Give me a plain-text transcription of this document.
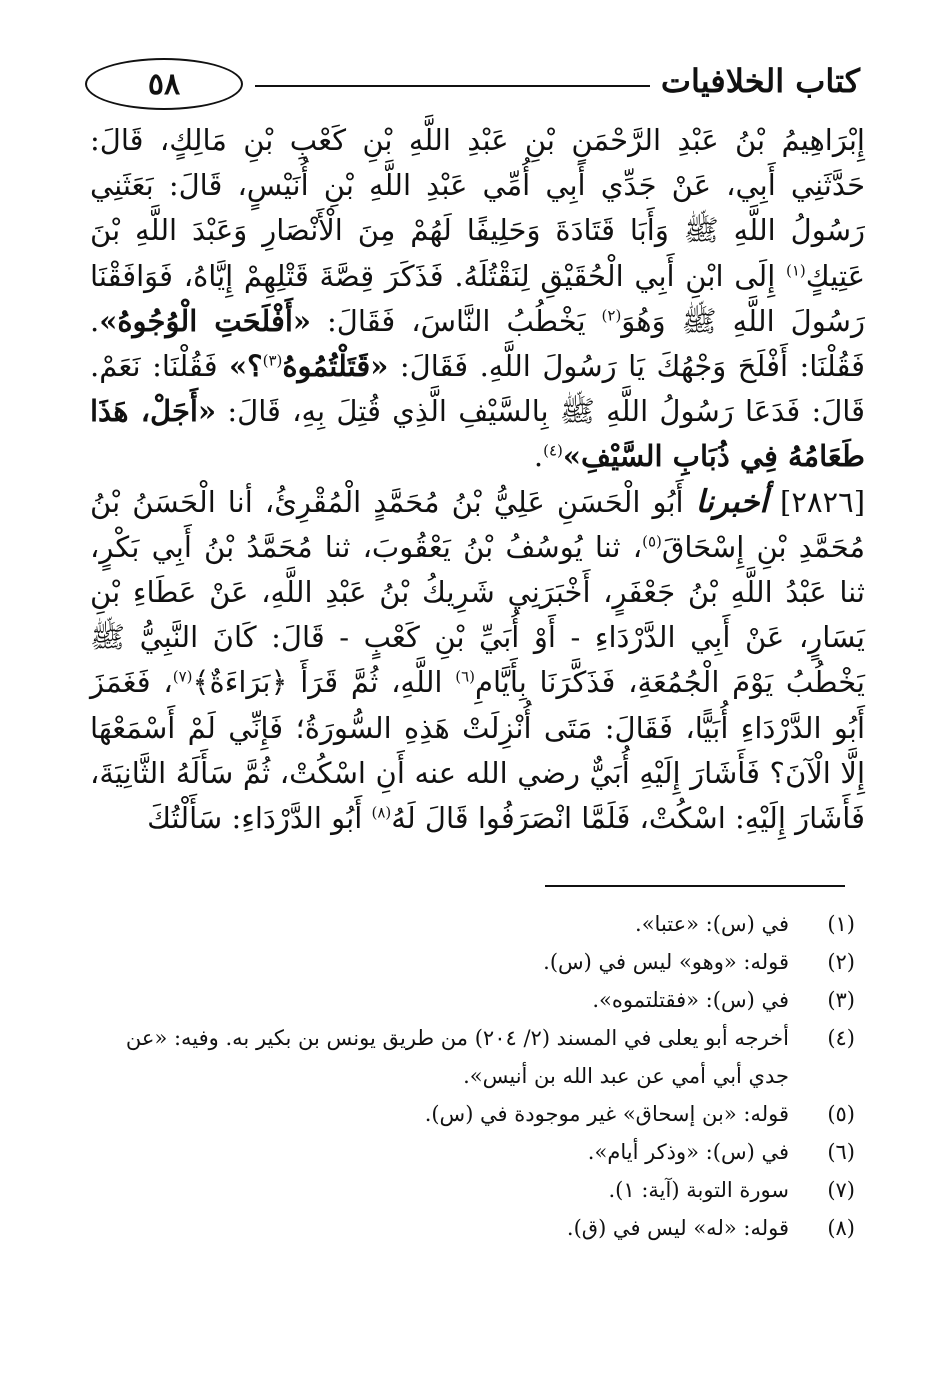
٥٨	كتاب الخلافيات

إِبْرَاهِيمُ بْنُ عَبْدِ الرَّحْمَنِ بْنِ عَبْدِ اللَّهِ بْنِ كَعْبِ بْنِ مَالِكٍ، قَالَ: حَدَّثَنِي أَبِي، عَنْ جَدِّي أَبِي أُمِّي عَبْدِ اللَّهِ بْنِ أُنَيْسٍ، قَالَ: بَعَثَنِي رَسُولُ اللَّهِ ﷺ وَأَبَا قَتَادَةَ وَحَلِيفًا لَهُمْ مِنَ الْأَنْصَارِ وَعَبْدَ اللَّهِ بْنَ عَتِيكٍ$^{(١)}$ إِلَى ابْنِ أَبِي الْحُقَيْقِ لِنَقْتُلَهُ. فَذَكَرَ قِصَّةَ قَتْلِهِمْ إِيَّاهُ، فَوَافَقْنَا رَسُولَ اللَّهِ ﷺ وَهُوَ$^{(٢)}$ يَخْطُبُ النَّاسَ، فَقَالَ: «أَفْلَحَتِ الْوُجُوهُ». فَقُلْنَا: أَفْلَحَ وَجْهُكَ يَا رَسُولَ اللَّهِ. فَقَالَ: «قَتَلْتُمُوهُ$^{(٣)}$؟» فَقُلْنَا: نَعَمْ. قَالَ: فَدَعَا رَسُولُ اللَّهِ ﷺ بِالسَّيْفِ الَّذِي قُتِلَ بِهِ، قَالَ: «أَجَلْ، هَذَا طَعَامُهُ فِي ذُبَابِ السَّيْفِ»$^{(٤)}$.

[٢٨٢٦] أخبرنا أَبُو الْحَسَنِ عَلِيُّ بْنُ مُحَمَّدٍ الْمُقْرِئُ، أنا الْحَسَنُ بْنُ مُحَمَّدِ بْنِ إِسْحَاقَ$^{(٥)}$، ثنا يُوسُفُ بْنُ يَعْقُوبَ، ثنا مُحَمَّدُ بْنُ أَبِي بَكْرٍ، ثنا عَبْدُ اللَّهِ بْنُ جَعْفَرٍ، أَخْبَرَنِي شَرِيكُ بْنُ عَبْدِ اللَّهِ، عَنْ عَطَاءِ بْنِ يَسَارٍ، عَنْ أَبِي الدَّرْدَاءِ - أَوْ أُبَيِّ بْنِ كَعْبٍ - قَالَ: كَانَ النَّبِيُّ ﷺ يَخْطُبُ يَوْمَ الْجُمُعَةِ، فَذَكَّرَنَا بِأَيَّامِ$^{(٦)}$ اللَّهِ، ثُمَّ قَرَأَ ﴿بَرَاءَةٌ﴾$^{(٧)}$، فَغَمَزَ أَبُو الدَّرْدَاءِ أُبَيًّا، فَقَالَ: مَتَى أُنْزِلَتْ هَذِهِ السُّورَةُ؛ فَإِنِّي لَمْ أَسْمَعْهَا إِلَّا الْآنَ؟ فَأَشَارَ إِلَيْهِ أُبَيٌّ رضي الله عنه أَنِ اسْكُتْ، ثُمَّ سَأَلَهُ الثَّانِيَةَ، فَأَشَارَ إِلَيْهِ: اسْكُتْ، فَلَمَّا انْصَرَفُوا قَالَ لَهُ$^{(٨)}$ أَبُو الدَّرْدَاءِ: سَأَلْتُكَ

(١)
في (س): «عتبا».
(٢)
قوله: «وهو» ليس في (س).
(٣)
في (س): «فقتلتموه».
(٤)
أخرجه أبو يعلى في المسند (٢/ ٢٠٤) من طريق يونس بن بكير به. وفيه: «عن جدي أبي أمي عن عبد الله بن أنيس».
(٥)
قوله: «بن إسحاق» غير موجودة في (س).
(٦)
في (س): «وذكر أيام».
(٧)
سورة التوبة (آية: ١).
(٨)
قوله: «له» ليس في (ق).
